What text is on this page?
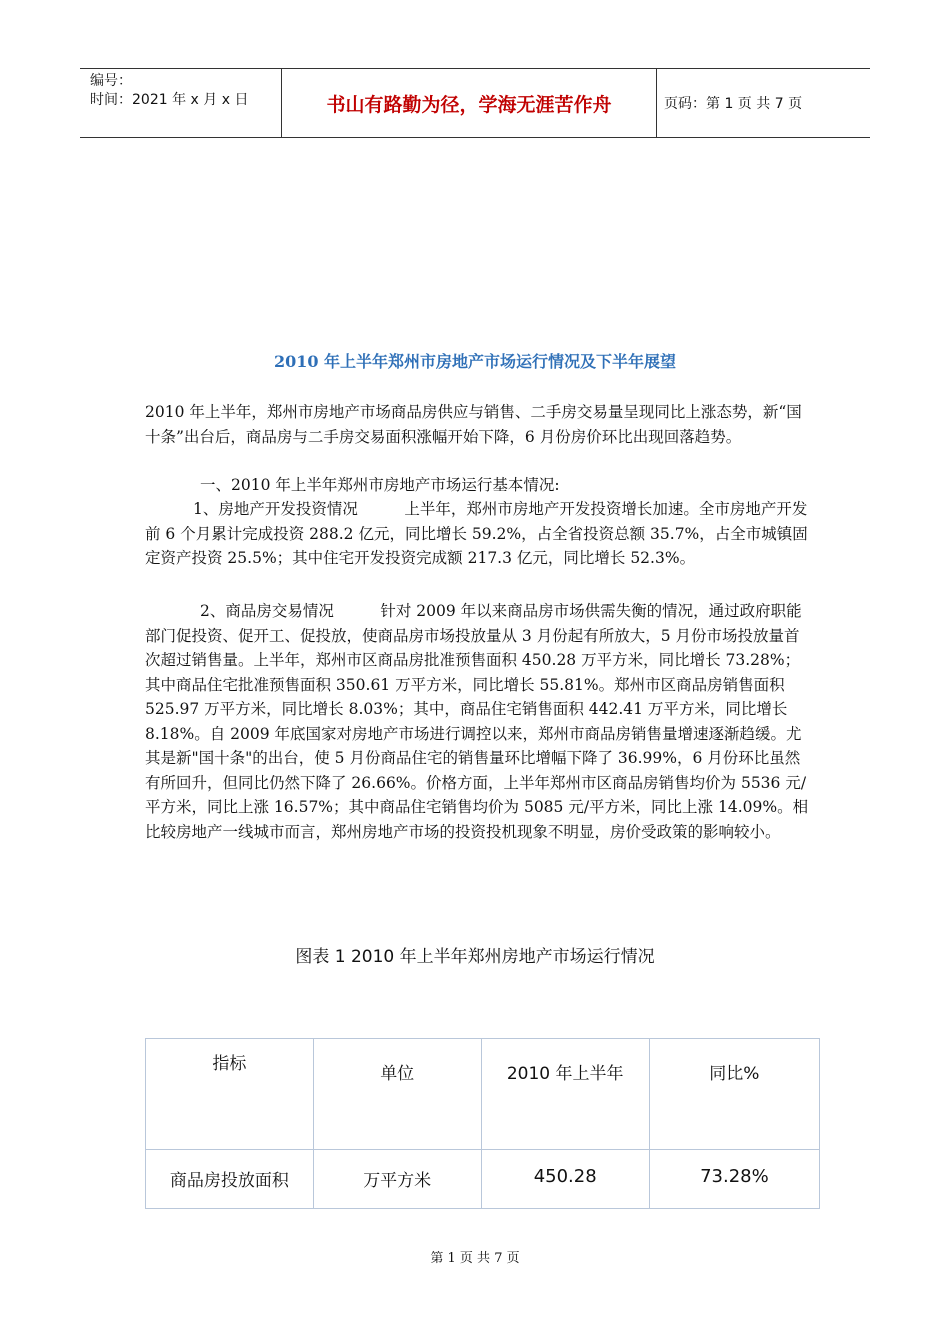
编号：
时间：2021 年 x 月 x 日	书山有路勤为径，学海无涯苦作舟	页码：第 1 页 共 7 页
2010 年上半年郑州市房地产市场运行情况及下半年展望

2010 年上半年，郑州市房地产市场商品房供应与销售、二手房交易量呈现同比上涨态势，新“国十条”出台后，商品房与二手房交易面积涨幅开始下降，6 月份房价环比出现回落趋势。

一、2010 年上半年郑州市房地产市场运行基本情况:

1、房地产开发投资情况　　　上半年，郑州市房地产开发投资增长加速。全市房地产开发前 6 个月累计完成投资 288.2 亿元，同比增长 59.2%，占全省投资总额 35.7%，占全市城镇固定资产投资 25.5%；其中住宅开发投资完成额 217.3 亿元，同比增长 52.3%。

2、商品房交易情况　　　针对 2009 年以来商品房市场供需失衡的情况，通过政府职能部门促投资、促开工、促投放，使商品房市场投放量从 3 月份起有所放大，5 月份市场投放量首次超过销售量。上半年，郑州市区商品房批准预售面积 450.28 万平方米，同比增长 73.28%；其中商品住宅批准预售面积 350.61 万平方米，同比增长 55.81%。郑州市区商品房销售面积 525.97 万平方米，同比增长 8.03%；其中，商品住宅销售面积 442.41 万平方米，同比增长 8.18%。自 2009 年底国家对房地产市场进行调控以来，郑州市商品房销售量增速逐渐趋缓。尤其是新"国十条"的出台，使 5 月份商品住宅的销售量环比增幅下降了 36.99%，6 月份环比虽然有所回升，但同比仍然下降了 26.66%。价格方面，上半年郑州市区商品房销售均价为 5536 元/平方米，同比上涨 16.57%；其中商品住宅销售均价为 5085 元/平方米，同比上涨 14.09%。相比较房地产一线城市而言，郑州房地产市场的投资投机现象不明显，房价受政策的影响较小。

图表 1 2010 年上半年郑州房地产市场运行情况
指标	单位	2010 年上半年	同比%

商品房投放面积	万平方米	450.28	73.28%
第 1 页 共 7 页
